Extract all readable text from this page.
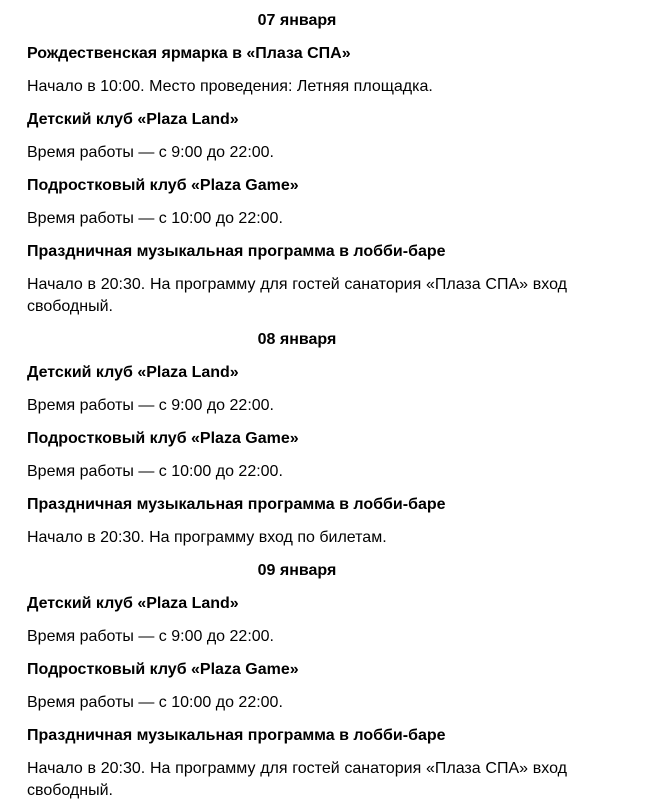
07 января

Рождественская ярмарка в «Плаза СПА»

Начало в 10:00. Место проведения: Летняя площадка.

Детский клуб «Plaza Land»

Время работы — с 9:00 до 22:00.

Подростковый клуб «Plaza Game»

Время работы — с 10:00 до 22:00.

Праздничная музыкальная программа в лобби-баре

Начало в 20:30. На программу для гостей санатория «Плаза СПА» вход свободный.

08 января

Детский клуб «Plaza Land»

Время работы — с 9:00 до 22:00.

Подростковый клуб «Plaza Game»

Время работы — с 10:00 до 22:00.

Праздничная музыкальная программа в лобби-баре

Начало в 20:30. На программу вход по билетам.

09 января

Детский клуб «Plaza Land»

Время работы — с 9:00 до 22:00.

Подростковый клуб «Plaza Game»

Время работы — с 10:00 до 22:00.

Праздничная музыкальная программа в лобби-баре

Начало в 20:30. На программу для гостей санатория «Плаза СПА» вход свободный.
